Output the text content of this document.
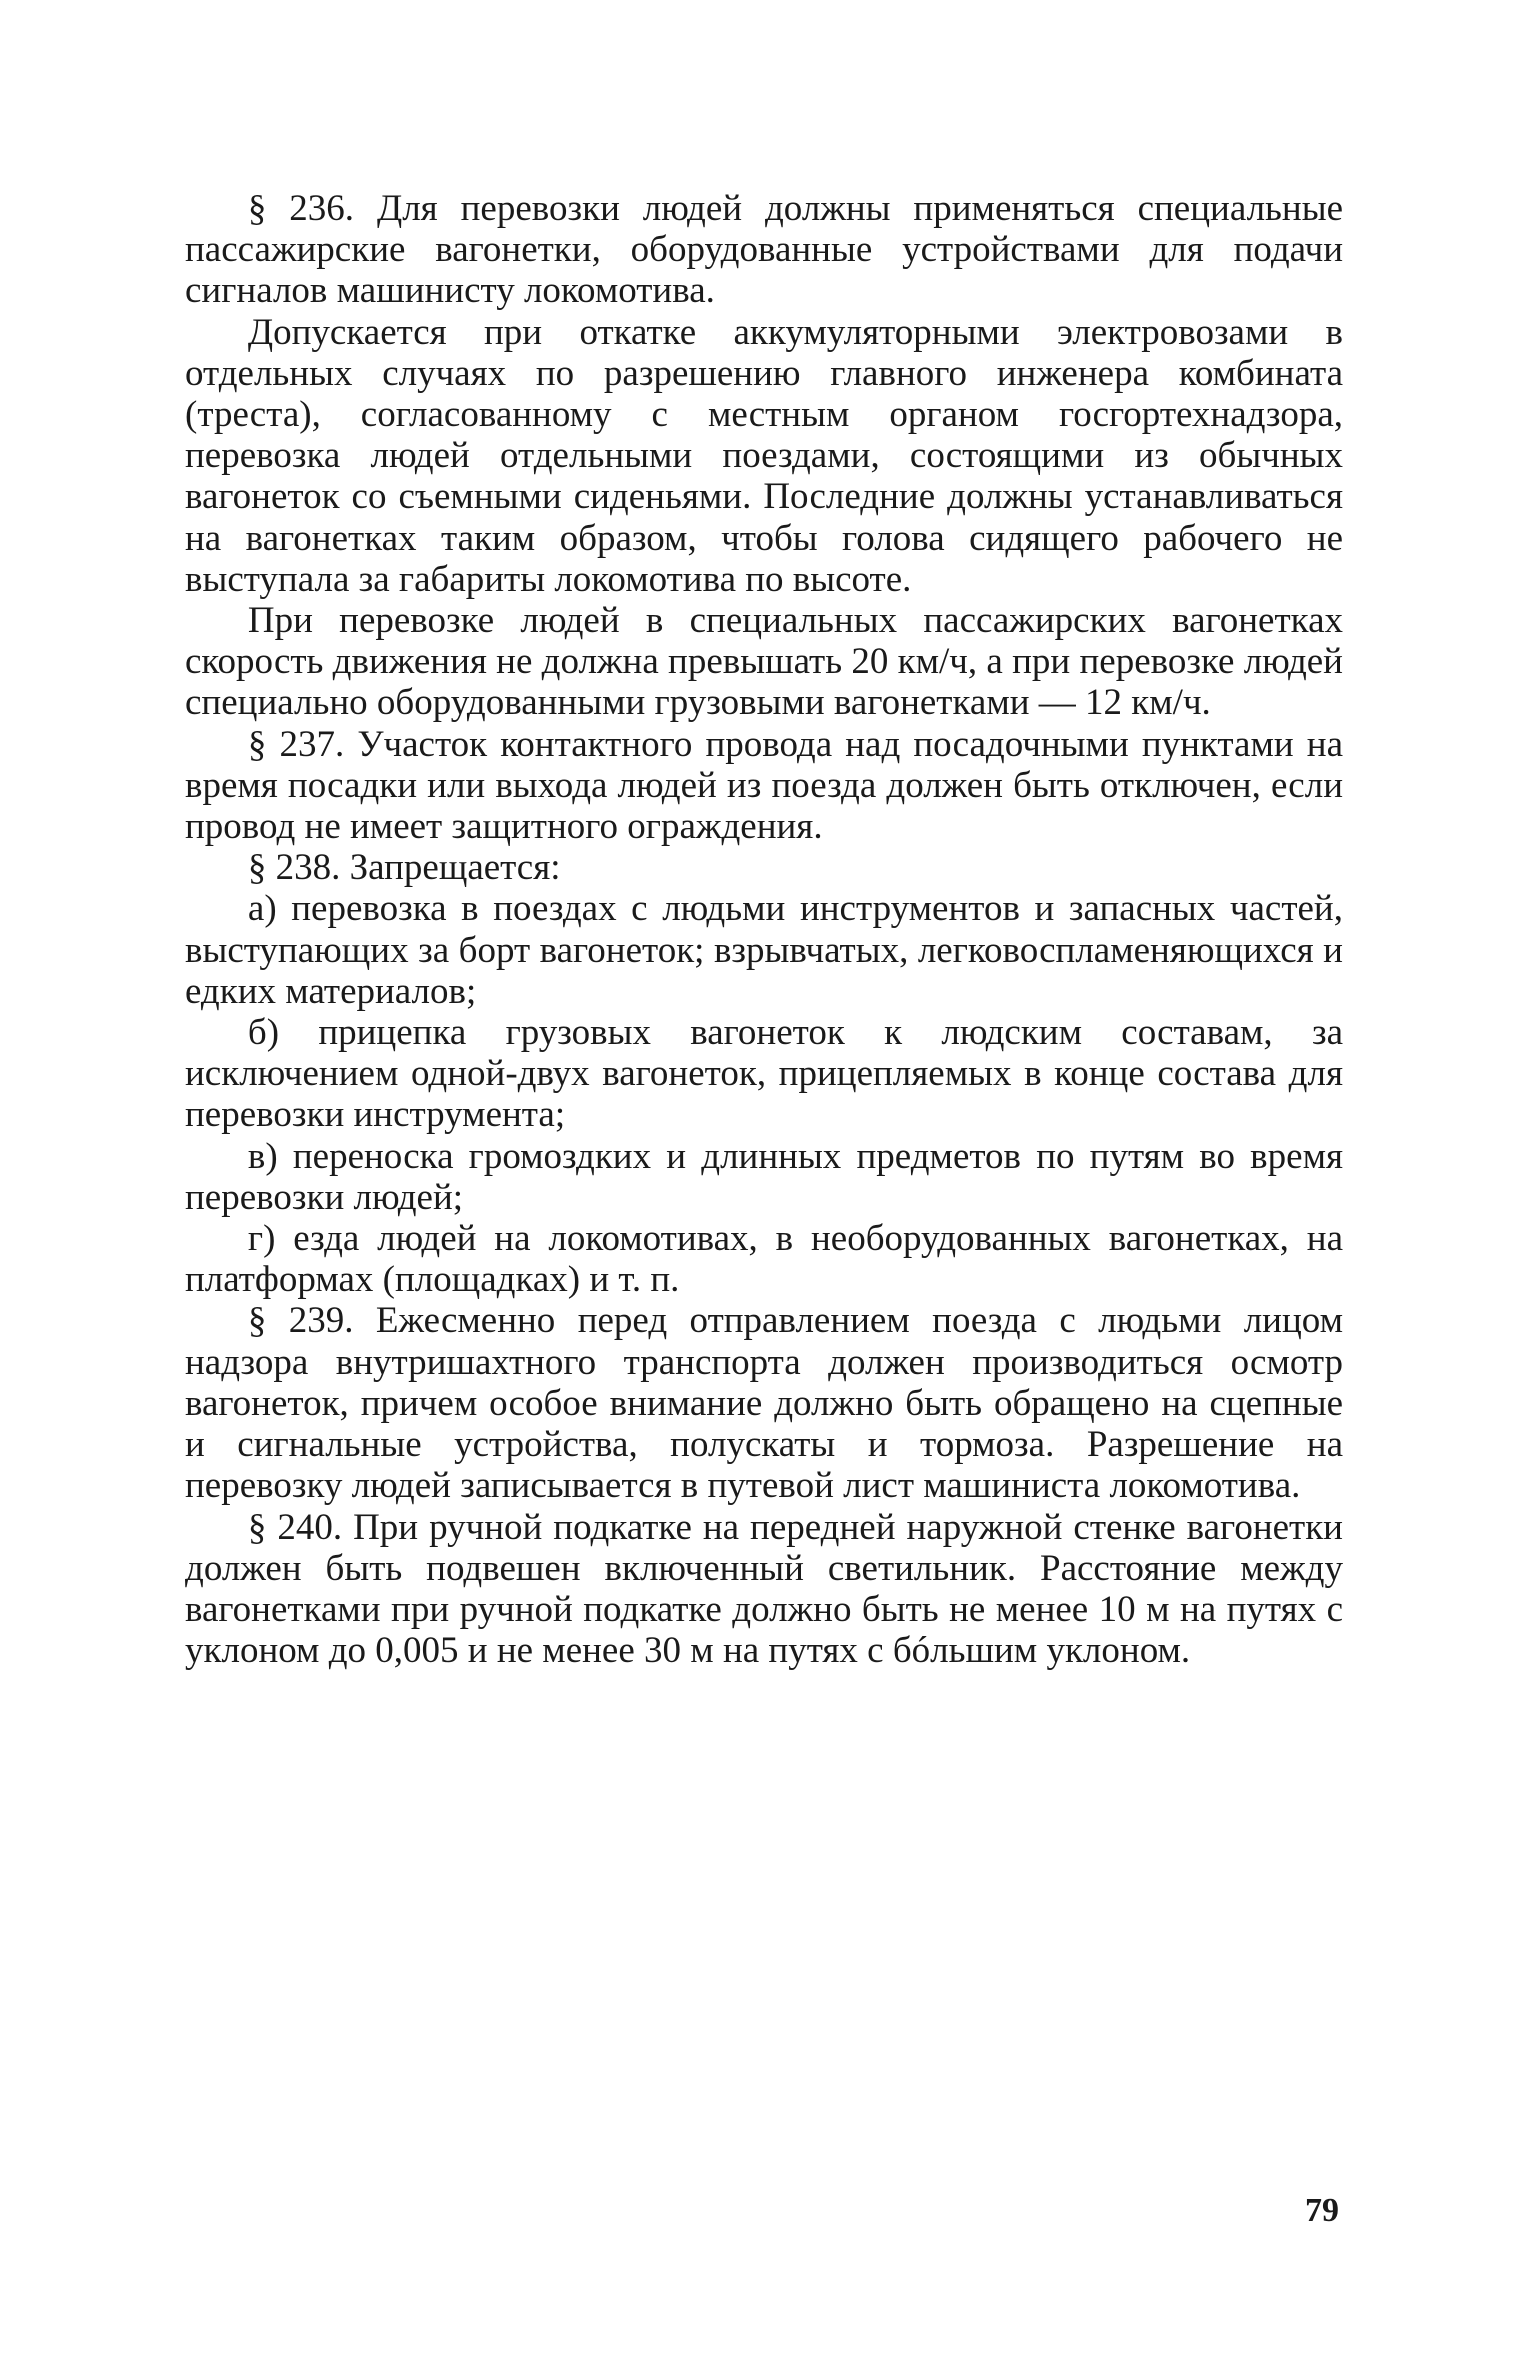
§ 236. Для перевозки людей должны применяться специальные пассажирские вагонетки, оборудованные устройствами для подачи сигналов машинисту локомотива.

Допускается при откатке аккумуляторными электровозами в отдельных случаях по разрешению главного инженера комбината (треста), согласованному с местным органом госгортехнадзора, перевозка людей отдельными поездами, состоящими из обычных вагонеток со съемными сиденьями. Последние должны устанавливаться на вагонетках таким образом, чтобы голова сидящего рабочего не выступала за габариты локомотива по высоте.

При перевозке людей в специальных пассажирских вагонетках скорость движения не должна превышать 20 км/ч, а при перевозке людей специально оборудованными грузовыми вагонетками — 12 км/ч.

§ 237. Участок контактного провода над посадочными пунктами на время посадки или выхода людей из поезда должен быть отключен, если провод не имеет защитного ограждения.

§ 238. Запрещается:

а) перевозка в поездах с людьми инструментов и запасных частей, выступающих за борт вагонеток; взрывчатых, легковоспламеняющихся и едких материалов;

б) прицепка грузовых вагонеток к людским составам, за исключением одной-двух вагонеток, прицепляемых в конце состава для перевозки инструмента;

в) переноска громоздких и длинных предметов по путям во время перевозки людей;

г) езда людей на локомотивах, в необорудованных вагонетках, на платформах (площадках) и т. п.

§ 239. Ежесменно перед отправлением поезда с людьми лицом надзора внутришахтного транспорта должен производиться осмотр вагонеток, причем особое внимание должно быть обращено на сцепные и сигнальные устройства, полускаты и тормоза. Разрешение на перевозку людей записывается в путевой лист машиниста локомотива.

§ 240. При ручной подкатке на передней наружной стенке вагонетки должен быть подвешен включенный светильник. Расстояние между вагонетками при ручной подкатке должно быть не менее 10 м на путях с уклоном до 0,005 и не менее 30 м на путях с бóльшим уклоном.

79
